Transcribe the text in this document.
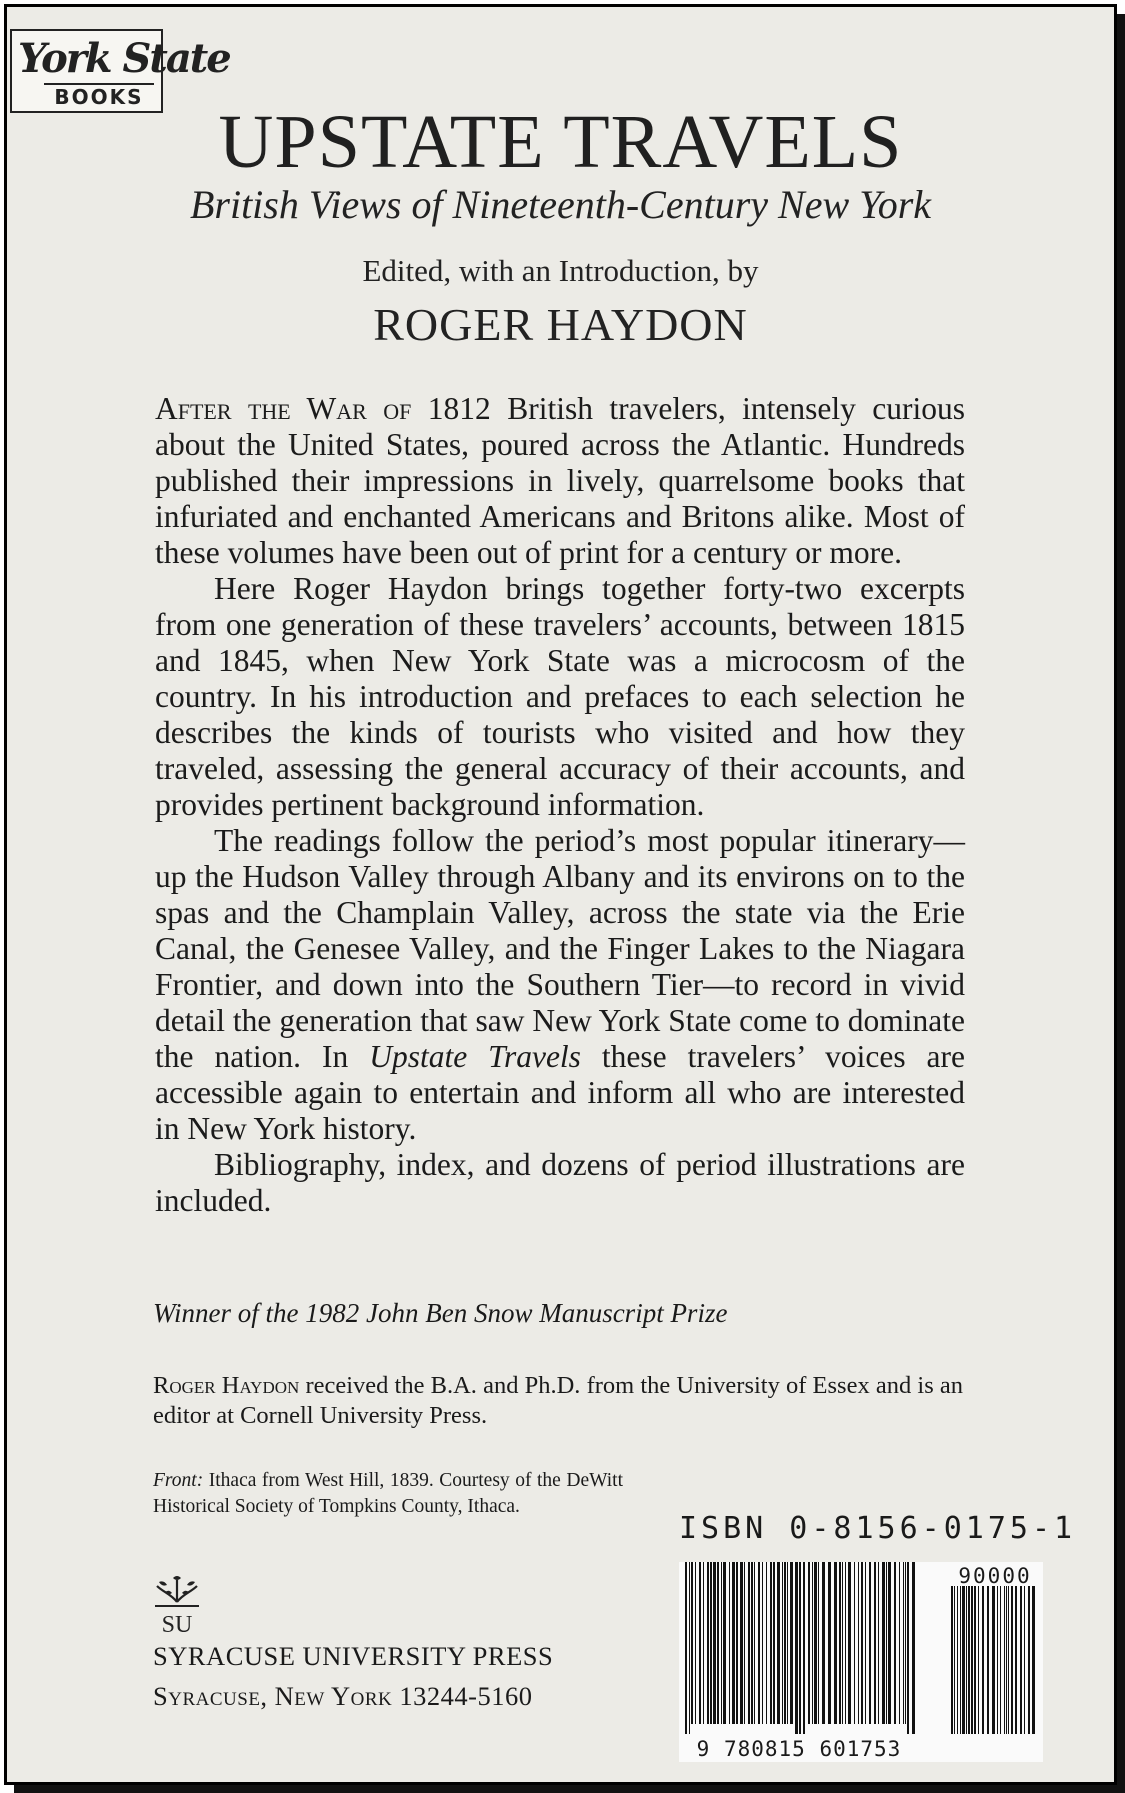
York State
BOOKS
UPSTATE TRAVELS
British Views of Nineteenth-Century New York
Edited, with an Introduction, by
ROGER HAYDON

After the War of 1812 British travelers, intensely curious about the United States, poured across the Atlantic. Hundreds published their impressions in lively, quarrelsome books that infuriated and enchanted Americans and Britons alike. Most of these volumes have been out of print for a century or more.

Here Roger Haydon brings together forty-two excerpts from one generation of these travelers’ accounts, between 1815 and 1845, when New York State was a microcosm of the country. In his introduction and prefaces to each selection he describes the kinds of tourists who visited and how they traveled, assessing the general accuracy of their accounts, and provides pertinent background information.

The readings follow the period’s most popular itinerary—up the Hudson Valley through Albany and its environs on to the spas and the Champlain Valley, across the state via the Erie Canal, the Genesee Valley, and the Finger Lakes to the Niagara Frontier, and down into the Southern Tier—to record in vivid detail the generation that saw New York State come to dominate the nation. In Upstate Travels these travelers’ voices are accessible again to entertain and inform all who are interested in New York history.

Bibliography, index, and dozens of period illustrations are included.

Winner of the 1982 John Ben Snow Manuscript Prize
Roger Haydon received the B.A. and Ph.D. from the University of Essex and is an editor at Cornell University Press.
Front: Ithaca from West Hill, 1839. Courtesy of the DeWitt Historical Society of Tompkins County, Ithaca.
ISBN 0-8156-0175-1
9 780815 601753
90000
SU
SYRACUSE UNIVERSITY PRESS
Syracuse, New York 13244-5160
